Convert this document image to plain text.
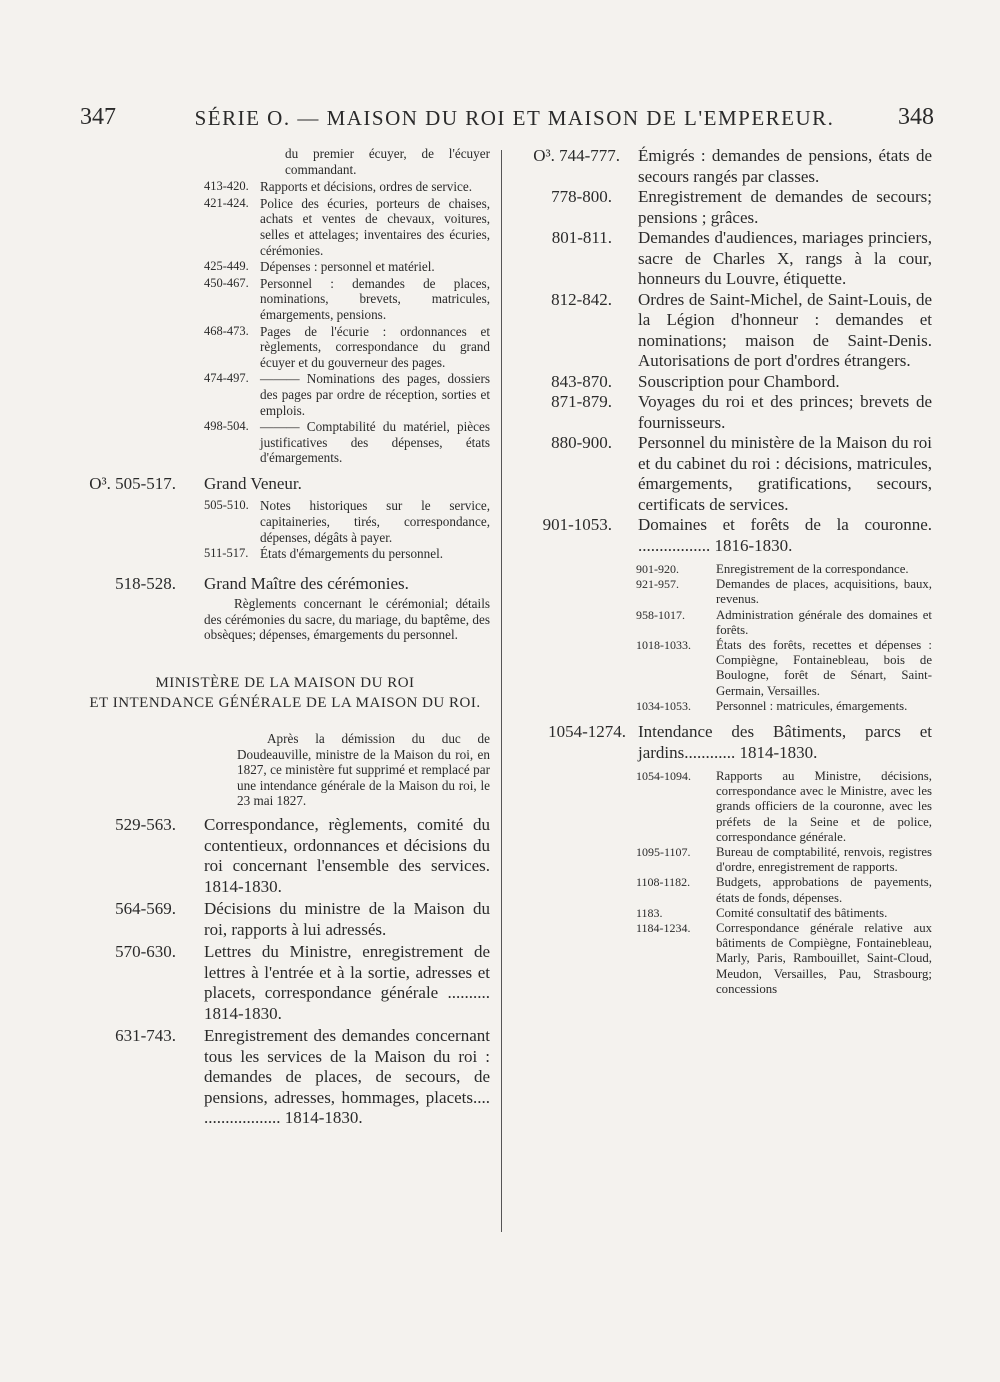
347	SÉRIE O. — MAISON DU ROI ET MAISON DE L'EMPEREUR.	348
du premier écuyer, de l'écuyer commandant.
413-420. Rapports et décisions, ordres de service.
421-424. Police des écuries, porteurs de chaises, achats et ventes de chevaux, voitures, selles et attelages; inventaires des écuries, cérémonies.
425-449. Dépenses : personnel et matériel.
450-467. Personnel : demandes de places, nominations, brevets, matricules, émargements, pensions.
468-473. Pages de l'écurie : ordonnances et règlements, correspondance du grand écuyer et du gouverneur des pages.
474-497. ——— Nominations des pages, dossiers des pages par ordre de réception, sorties et emplois.
498-504. ——— Comptabilité du matériel, pièces justificatives des dépenses, états d'émargements.
O³. 505-517. Grand Veneur.
505-510. Notes historiques sur le service, capitaineries, tirés, correspondance, dépenses, dégâts à payer.
511-517. États d'émargements du personnel.
518-528. Grand Maître des cérémonies.
Règlements concernant le cérémonial; détails des cérémonies du sacre, du mariage, du baptême, des obsèques; dépenses, émargements du personnel.
MINISTÈRE DE LA MAISON DU ROI
ET INTENDANCE GÉNÉRALE DE LA MAISON DU ROI.
Après la démission du duc de Doudeauville, ministre de la Maison du roi, en 1827, ce ministère fut supprimé et remplacé par une intendance générale de la Maison du roi, le 23 mai 1827.
529-563. Correspondance, règlements, comité du contentieux, ordonnances et décisions du roi concernant l'ensemble des services. 1814-1830.
564-569. Décisions du ministre de la Maison du roi, rapports à lui adressés.
570-630. Lettres du Ministre, enregistrement de lettres à l'entrée et à la sortie, adresses et placets, correspondance générale .......... 1814-1830.
631-743. Enregistrement des demandes concernant tous les services de la Maison du roi : demandes de places, de secours, de pensions, adresses, hommages, placets.... .................. 1814-1830.
O³. 744-777. Émigrés : demandes de pensions, états de secours rangés par classes.
778-800. Enregistrement de demandes de secours; pensions ; grâces.
801-811. Demandes d'audiences, mariages princiers, sacre de Charles X, rangs à la cour, honneurs du Louvre, étiquette.
812-842. Ordres de Saint-Michel, de Saint-Louis, de la Légion d'honneur : demandes et nominations; maison de Saint-Denis. Autorisations de port d'ordres étrangers.
843-870. Souscription pour Chambord.
871-879. Voyages du roi et des princes; brevets de fournisseurs.
880-900. Personnel du ministère de la Maison du roi et du cabinet du roi : décisions, matricules, émargements, gratifications, secours, certificats de services.
901-1053. Domaines et forêts de la couronne. ................. 1816-1830.
901-920.	Enregistrement de la correspondance.
921-957.	Demandes de places, acquisitions, baux, revenus.
958-1017.	Administration générale des domaines et forêts.
1018-1033.	États des forêts, recettes et dépenses : Compiègne, Fontainebleau, bois de Boulogne, forêt de Sénart, Saint-Germain, Versailles.
1034-1053.	Personnel : matricules, émargements.
1054-1274. Intendance des Bâtiments, parcs et jardins............ 1814-1830.
1054-1094.	Rapports au Ministre, décisions, correspondance avec le Ministre, avec les grands officiers de la couronne, avec les préfets de la Seine et de police, correspondance générale.
1095-1107.	Bureau de comptabilité, renvois, registres d'ordre, enregistrement de rapports.
1108-1182.	Budgets, approbations de payements, états de fonds, dépenses.
1183.	Comité consultatif des bâtiments.
1184-1234.	Correspondance générale relative aux bâtiments de Compiègne, Fontainebleau, Marly, Paris, Rambouillet, Saint-Cloud, Meudon, Versailles, Pau, Strasbourg; concessions
